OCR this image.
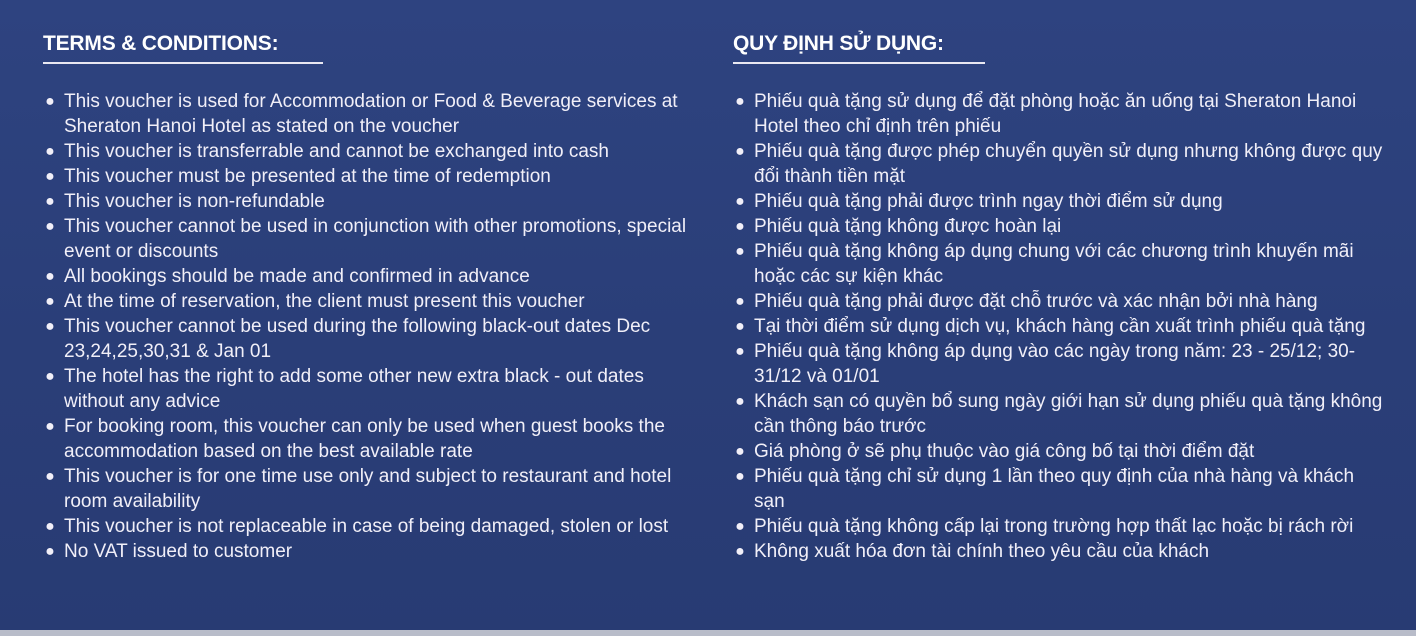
TERMS & CONDITIONS:
● This voucher is used for Accommodation or Food & Beverage services at Sheraton Hanoi Hotel as stated on the voucher
● This voucher is transferrable and cannot be exchanged into cash
● This voucher must be presented at the time of redemption
● This voucher is non-refundable
● This voucher cannot be used in conjunction with other promotions, special event or discounts
● All bookings should be made and confirmed in advance
● At the time of reservation, the client must present this voucher
● This voucher cannot be used during the following black-out dates Dec 23,24,25,30,31 & Jan 01
● The hotel has the right to add some other new extra black - out dates without any advice
● For booking room, this voucher can only be used when guest books the accommodation based on the best available rate
● This voucher is for one time use only and subject to restaurant and hotel room availability
● This voucher is not replaceable in case of being damaged, stolen or lost
● No VAT issued to customer
QUY ĐỊNH SỬ DỤNG:
● Phiếu quà tặng sử dụng để đặt phòng hoặc ăn uống tại Sheraton Hanoi Hotel theo chỉ định trên phiếu
● Phiếu quà tặng được phép chuyển quyền sử dụng nhưng không được quy đổi thành tiền mặt
● Phiếu quà tặng phải được trình ngay thời điểm sử dụng
● Phiếu quà tặng không được hoàn lại
● Phiếu quà tặng không áp dụng chung với các chương trình khuyến mãi hoặc các sự kiện khác
● Phiếu quà tặng phải được đặt chỗ trước và xác nhận bởi nhà hàng
● Tại thời điểm sử dụng dịch vụ, khách hàng cần xuất trình phiếu quà tặng
● Phiếu quà tặng không áp dụng vào các ngày trong năm: 23 - 25/12; 30-31/12 và 01/01
● Khách sạn có quyền bổ sung ngày giới hạn sử dụng phiếu quà tặng không cần thông báo trước
● Giá phòng ở sẽ phụ thuộc vào giá công bố tại thời điểm đặt
● Phiếu quà tặng chỉ sử dụng 1 lần theo quy định của nhà hàng và khách sạn
● Phiếu quà tặng không cấp lại trong trường hợp thất lạc hoặc bị rách rời
● Không xuất hóa đơn tài chính theo yêu cầu của khách
